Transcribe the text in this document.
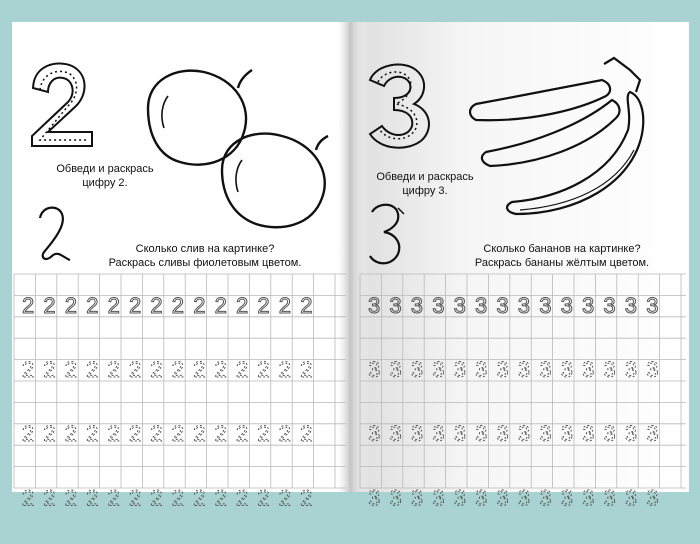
2 2 2 2 2 2 2 2 2 2 2 2 2 2
2 2 2 2 2 2 2 2 2 2 2 2 2 2
2 2 2 2 2 2 2 2 2 2 2 2 2 2
2 2 2 2 2 2 2 2 2 2 2 2 2 2
3 3 3 3 3 3 3 3 3 3 3 3 3 3
3 3 3 3 3 3 3 3 3 3 3 3 3 3
3 3 3 3 3 3 3 3 3 3 3 3 3 3
3 3 3 3 3 3 3 3 3 3 3 3 3 3
Обведи и раскрась
цифру 2.
Сколько слив на картинке?
Раскрась сливы фиолетовым цветом.
Обведи и раскрась
цифру 3.
Сколько бананов на картинке?
Раскрась бананы жёлтым цветом.
